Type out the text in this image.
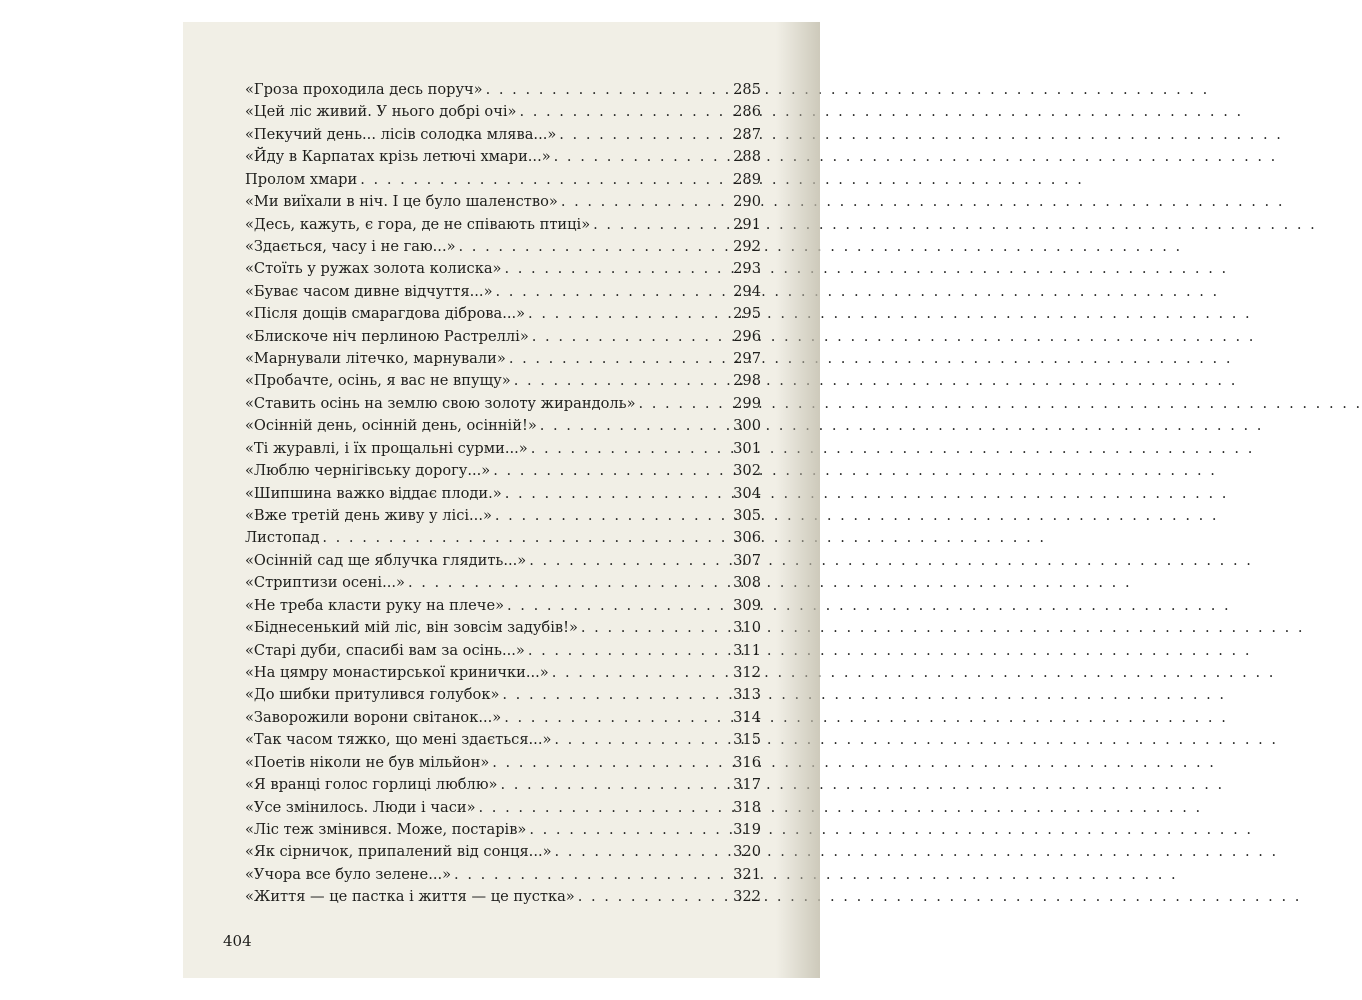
«Гроза проходила десь поруч» . . .	285
«Цей ліс живий. У нього добрі очі» . . .	286
«Пекучий день... лісів солодка млява...» . . .	287
«Йду в Карпатах крізь летючі хмари...» . . .	288
Пролом хмари . . .	289
«Ми виїхали в ніч. І це було шаленство» . . .	290
«Десь, кажуть, є гора, де не співають птиці» . . .	291
«Здається, часу і не гаю...» . . .	292
«Стоїть у ружах золота колиска» . . .	293
«Буває часом дивне відчуття...» . . .	294
«Після дощів смарагдова діброва...» . . .	295
«Блискоче ніч перлиною Растреллі» . . .	296
«Марнували літечко, марнували» . . .	297
«Пробачте, осінь, я вас не впущу» . . .	298
«Ставить осінь на землю свою золоту жирандоль» . . .	299
«Осінній день, осінній день, осінній!» . . .	300
«Ті журавлі, і їх прощальні сурми...» . . .	301
«Люблю чернігівську дорогу...» . . .	302
«Шипшина важко віддає плоди.» . . .	304
«Вже третій день живу у лісі...» . . .	305
Листопад . . .	306
«Осінній сад ще яблучка глядить...» . . .	307
«Стриптизи осені...» . . .	308
«Не треба класти руку на плече» . . .	309
«Біднесенький мій ліс, він зовсім задубів!» . . .	310
«Старі дуби, спасибі вам за осінь...» . . .	311
«На цямру монастирської кринички...» . . .	312
«До шибки притулився голубок» . . .	313
«Заворожили ворони світанок...» . . .	314
«Так часом тяжко, що мені здається...» . . .	315
«Поетів ніколи не був мільйон» . . .	316
«Я вранці голос горлиці люблю» . . .	317
«Усе змінилось. Люди і часи» . . .	318
«Ліс теж змінився. Може, постарів» . . .	319
«Як сірничок, припалений від сонця...» . . .	320
«Учора все було зелене...» . . .	321
«Життя — це пастка і життя — це пустка» . . .	322
404
